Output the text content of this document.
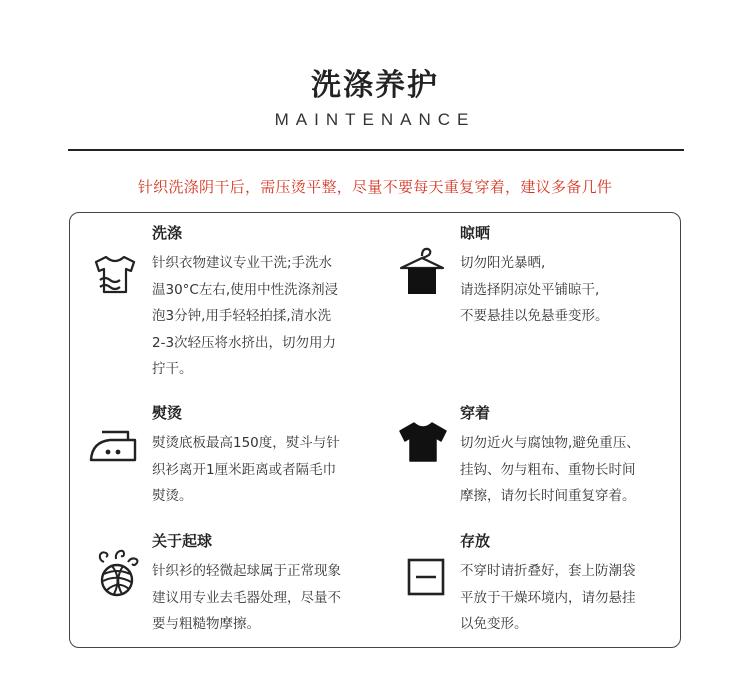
洗涤养护
MAINTENANCE
针织洗涤阴干后，需压烫平整，尽量不要每天重复穿着，建议多备几件
洗涤
针织衣物建议专业干洗;手洗水
温30°C左右,使用中性洗涤剂浸
泡3分钟,用手轻轻拍揉,清水洗
2-3次轻压将水挤出，切勿用力
拧干。
晾晒
切勿阳光暴晒,
请选择阴凉处平铺晾干,
不要悬挂以免悬垂变形。
熨烫
熨烫底板最高150度，熨斗与针
织衫离开1厘米距离或者隔毛巾
熨烫。
穿着
切勿近火与腐蚀物,避免重压、
挂钩、勿与粗布、重物长时间
摩擦，请勿长时间重复穿着。
关于起球
针织衫的轻微起球属于正常现象
建议用专业去毛器处理，尽量不
要与粗糙物摩擦。
存放
不穿时请折叠好，套上防潮袋
平放于干燥环境内，请勿悬挂
以免变形。
